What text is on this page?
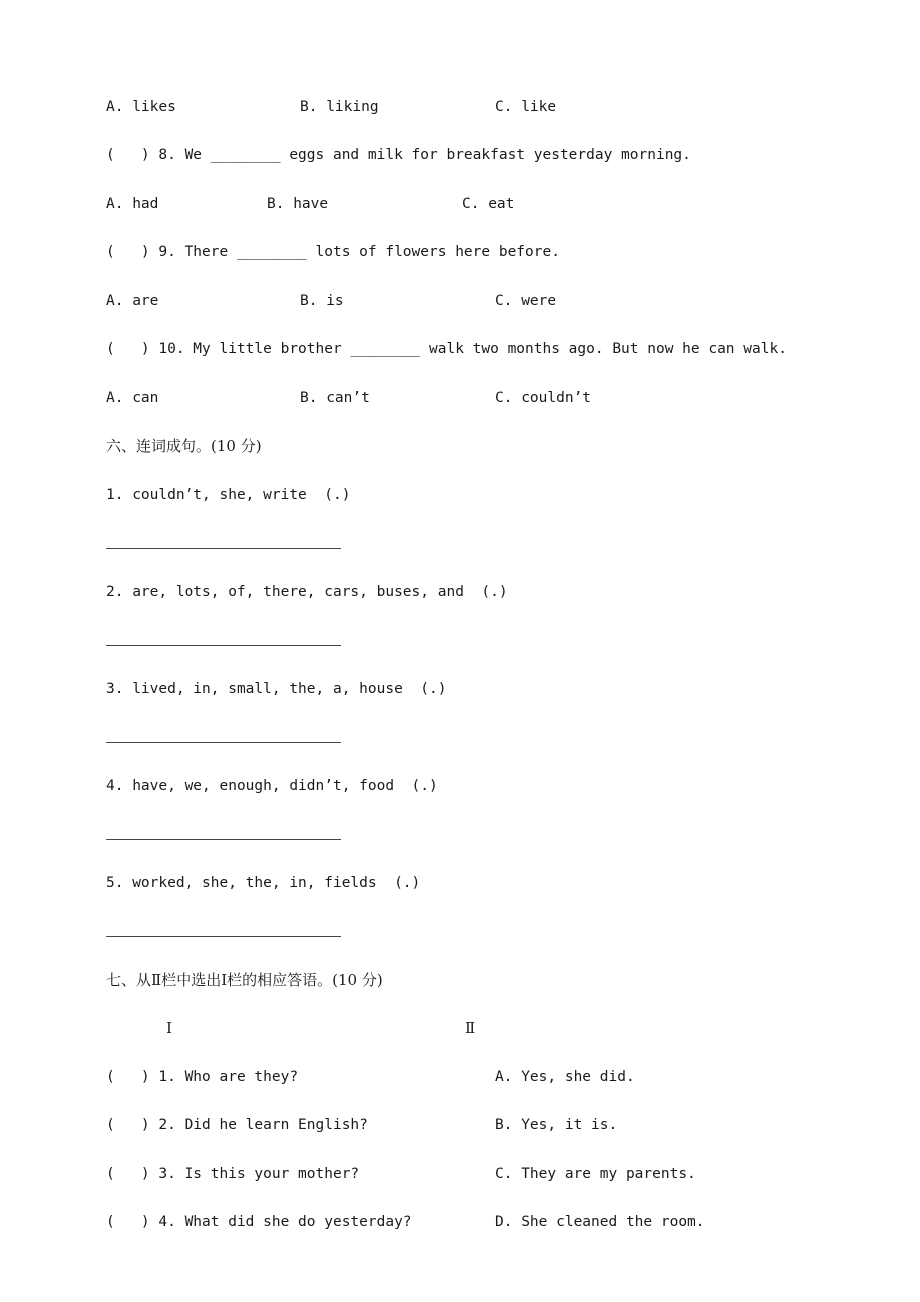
A. likes	B. liking	C. like
(   ) 8. We ________ eggs and milk for breakfast yesterday morning.
A. had	B. have	C. eat
(   ) 9. There ________ lots of flowers here before.
A. are	B. is	C. were
(   ) 10. My little brother ________ walk two months ago. But now he can walk.
A. can	B. can’t	C. couldn’t
六、连词成句。(10 分)
1. couldn’t, she, write  (.)
2. are, lots, of, there, cars, buses, and  (.)
3. lived, in, small, the, a, house  (.)
4. have, we, enough, didn’t, food  (.)
5. worked, she, the, in, fields  (.)
七、从Ⅱ栏中选出Ⅰ栏的相应答语。(10 分)
Ⅰ	Ⅱ
(   ) 1. Who are they?	A. Yes, she did.
(   ) 2. Did he learn English?	B. Yes, it is.
(   ) 3. Is this your mother?	C. They are my parents.
(   ) 4. What did she do yesterday?	D. She cleaned the room.
